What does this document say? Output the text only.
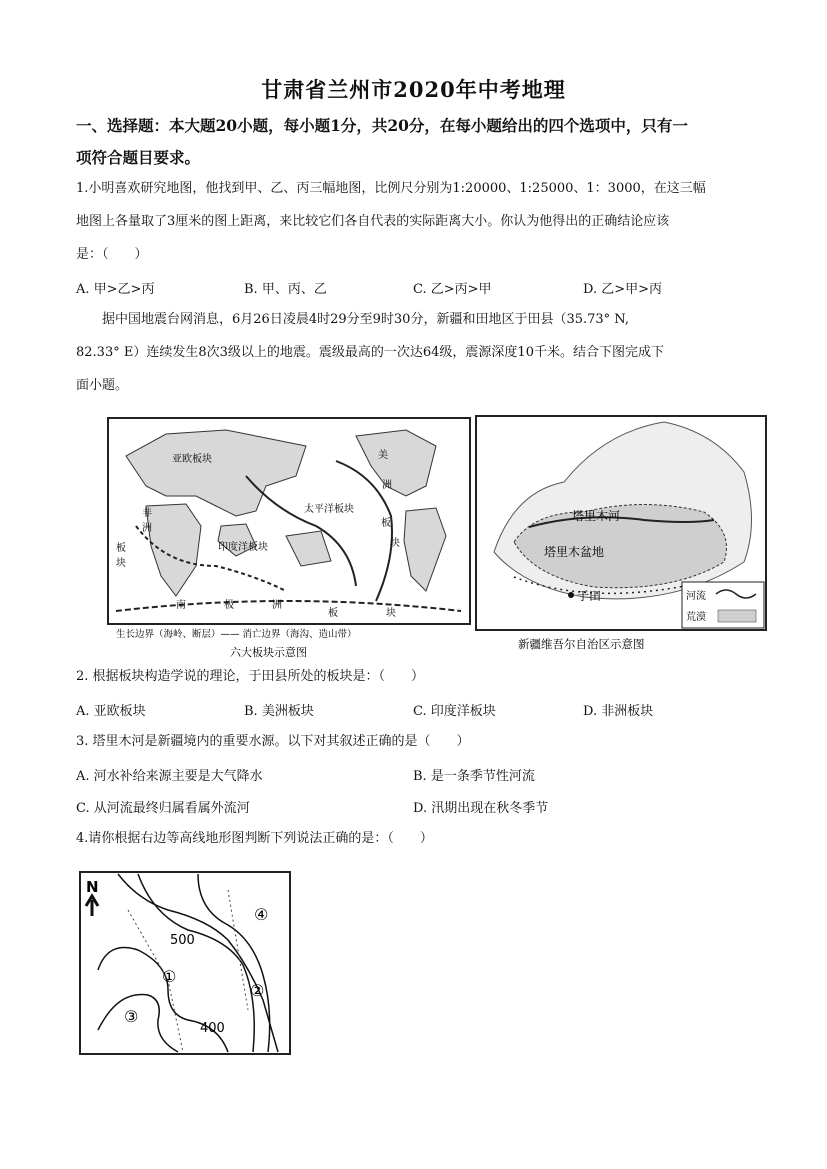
甘肃省兰州市2020年中考地理
一、选择题：本大题20小题，每小题1分，共20分，在每小题给出的四个选项中，只有一
项符合题目要求。
1.小明喜欢研究地图，他找到甲、乙、丙三幅地图，比例尺分别为1:20000、1:25000、1：3000，在这三幅
地图上各量取了3厘米的图上距离，来比较它们各自代表的实际距离大小。你认为他得出的正确结论应该
是：（　　）
A. 甲>乙>丙	B. 甲、丙、乙	C. 乙>丙>甲	D. 乙>甲>丙
据中国地震台网消息，6月26日凌晨4时29分至9时30分，新疆和田地区于田县（35.73° N,
82.33° E）连续发生8次3级以上的地震。震级最高的一次达64级，震源深度10千米。结合下图完成下
面小题。
亚欧板块
太平洋板块
印度洋板块
非
洲
板
块
美
洲
板
块
南	极	洲
板	块
生长边界（海岭、断层）—— 消亡边界（海沟、造山带）
六大板块示意图
塔里木河
塔里木盆地
于田	河流
荒漠
新疆维吾尔自治区示意图
2. 根据板块构造学说的理论，于田县所处的板块是：（　　）
A. 亚欧板块	B. 美洲板块	C. 印度洋板块	D. 非洲板块
3. 塔里木河是新疆境内的重要水源。以下对其叙述正确的是（　　）
A. 河水补给来源主要是大气降水	B. 是一条季节性河流
C. 从河流最终归属看属外流河	D. 汛期出现在秋冬季节
4.请你根据右边等高线地形图判断下列说法正确的是：（　　）
N
500
400
①
②
③
④
